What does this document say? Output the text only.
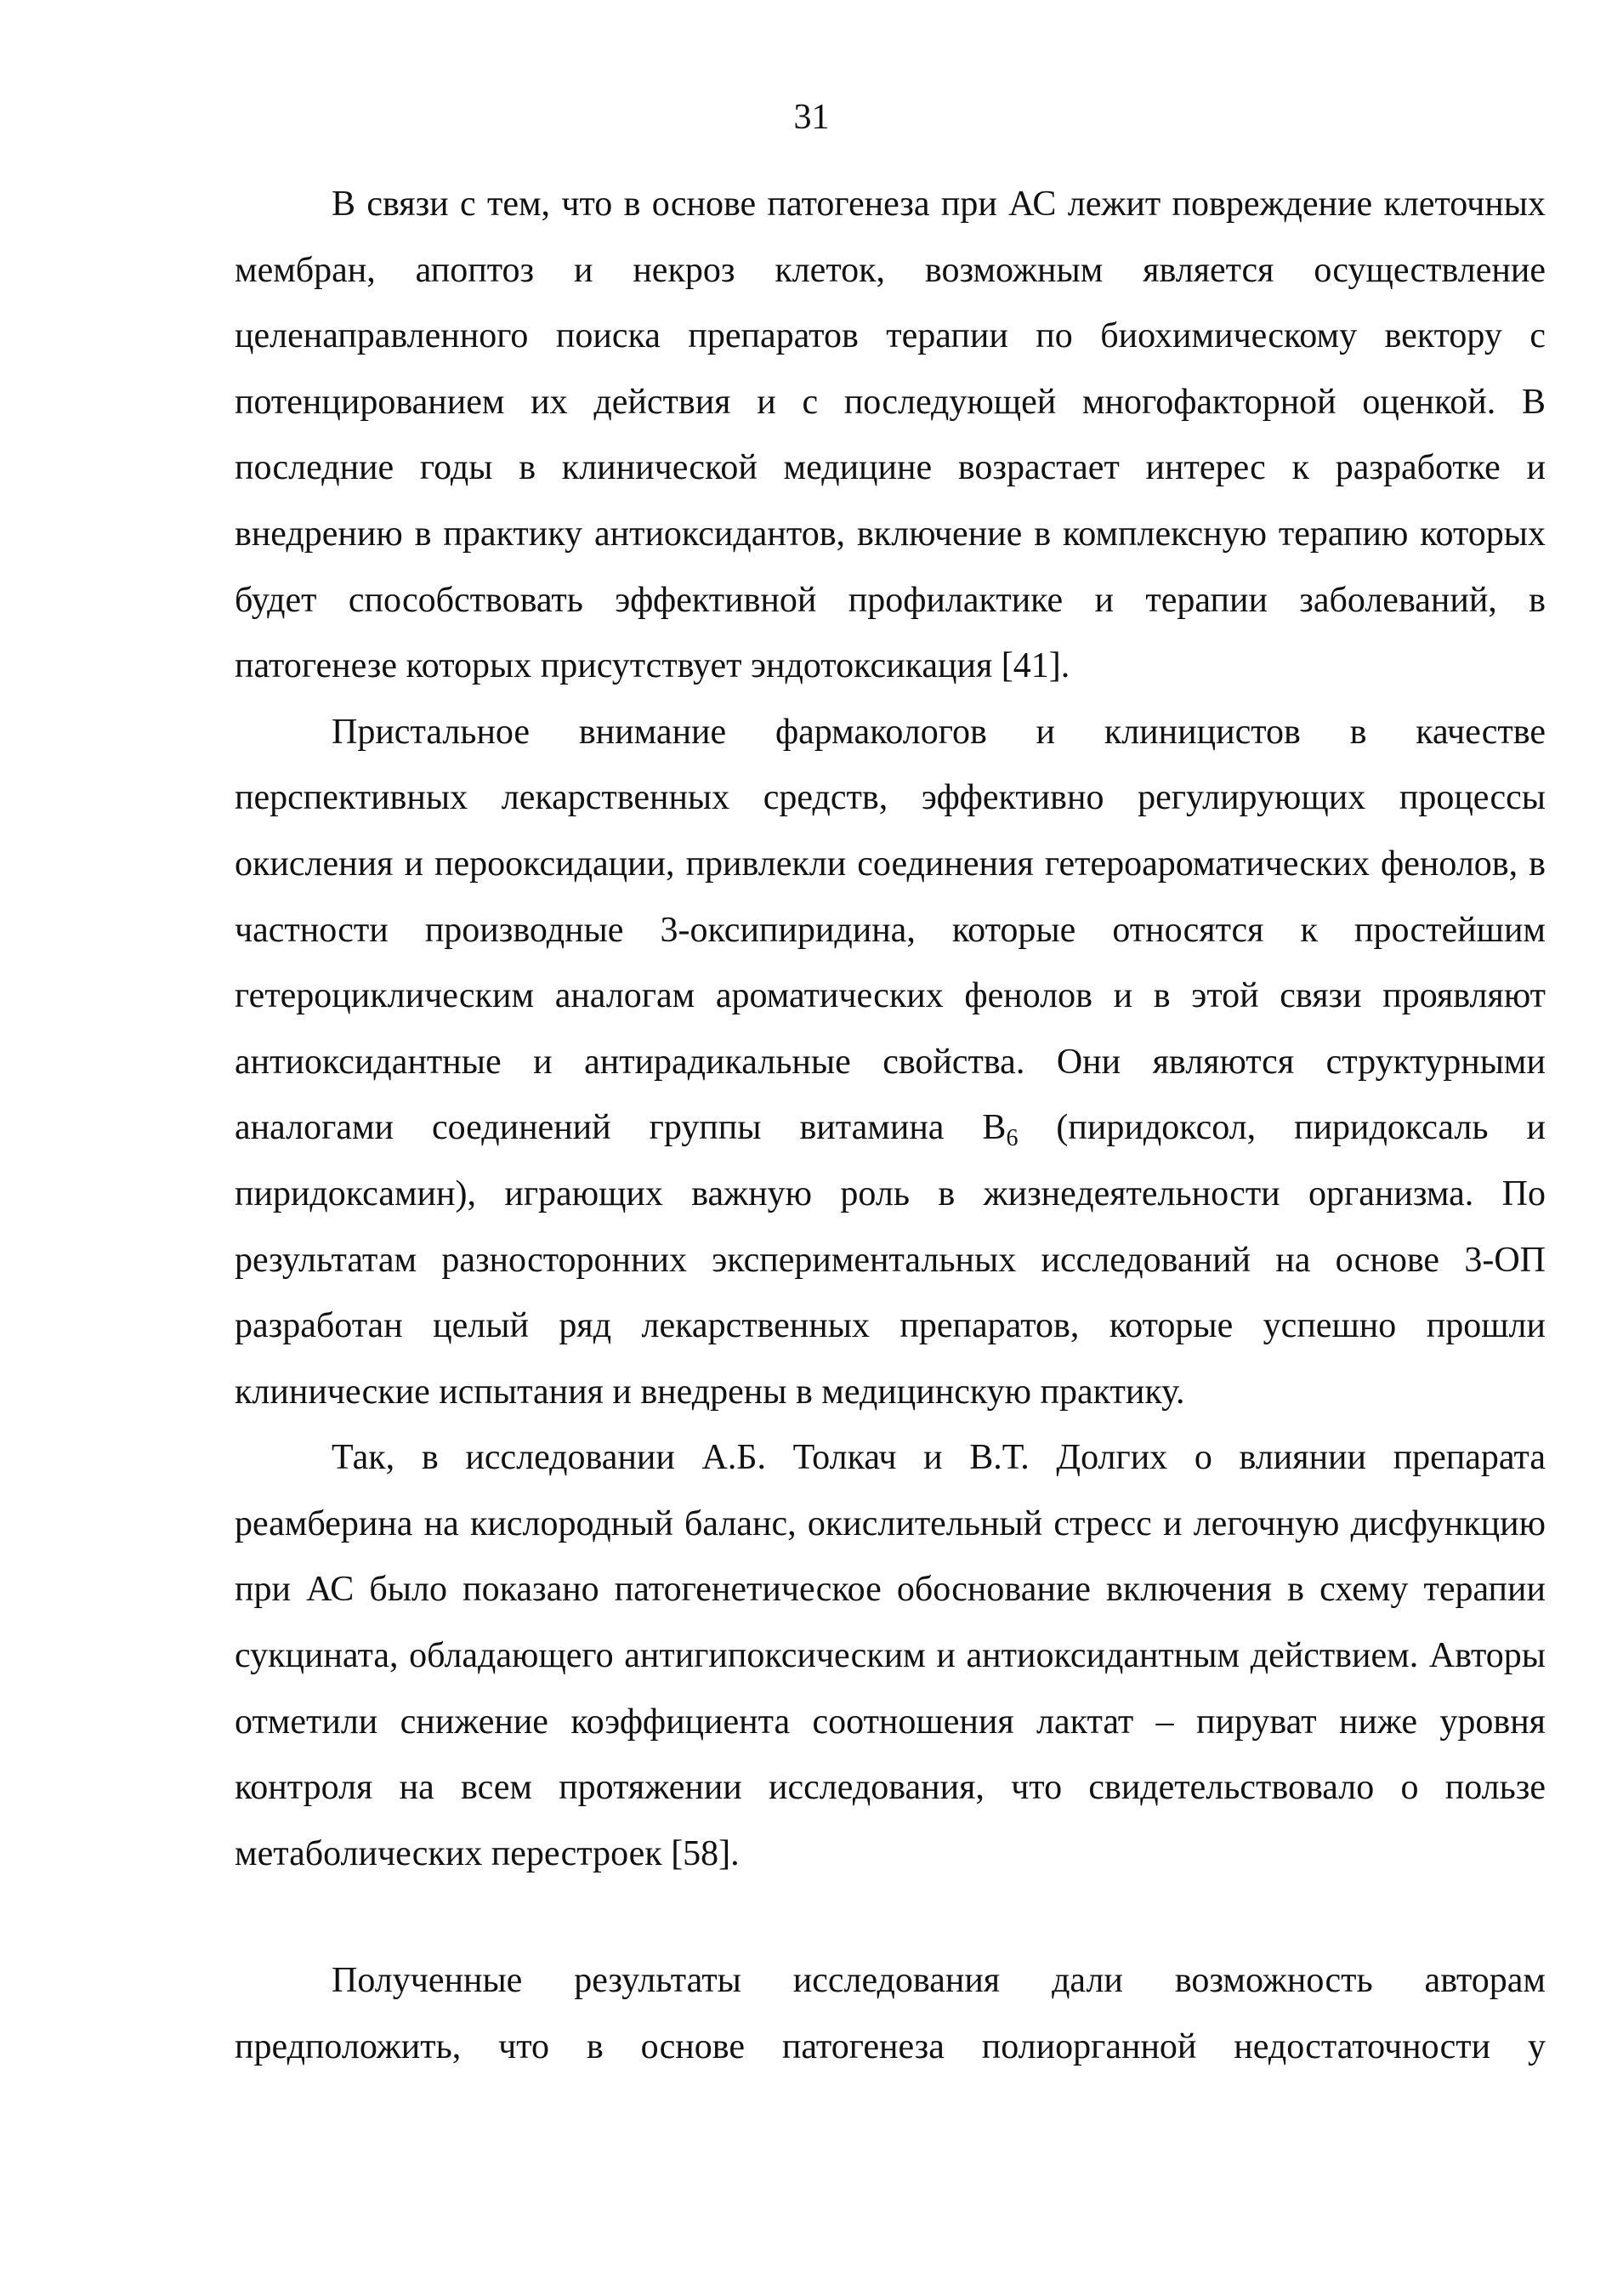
31

В связи с тем, что в основе патогенеза при АС лежит повреждение клеточных мембран, апоптоз и некроз клеток, возможным является осуществление целенаправленного поиска препаратов терапии по биохимическому вектору с потенцированием их действия и с последующей многофакторной оценкой. В последние годы в клинической медицине возрастает интерес к разработке и внедрению в практику антиоксидантов, включение в комплексную терапию которых будет способствовать эффективной профилактике и терапии заболеваний, в патогенезе которых присутствует эндотоксикация [41].

Пристальное внимание фармакологов и клиницистов в качестве перспективных лекарственных средств, эффективно регулирующих процессы окисления и перооксидации, привлекли соединения гетероароматических фенолов, в частности производные 3-оксипиридина, которые относятся к простейшим гетероциклическим аналогам ароматических фенолов и в этой связи проявляют антиоксидантные и антирадикальные свойства. Они являются структурными аналогами соединений группы витамина $В_6$ (пиридоксол, пиридоксаль и пиридоксамин), играющих важную роль в жизнедеятельности организма. По результатам разносторонних экспериментальных исследований на основе 3-ОП разработан целый ряд лекарственных препаратов, которые успешно прошли клинические испытания и внедрены в медицинскую практику.

Так, в исследовании А.Б. Толкач и В.Т. Долгих о влиянии препарата реамберина на кислородный баланс, окислительный стресс и легочную дисфункцию при АС было показано патогенетическое обоснование включения в схему терапии сукцината, обладающего антигипоксическим и антиоксидантным действием. Авторы отметили снижение коэффициента соотношения лактат – пируват ниже уровня контроля на всем протяжении исследования, что свидетельствовало о пользе метаболических перестроек [58].

Полученные результаты исследования дали возможность авторам предположить, что в основе патогенеза полиорганной недостаточности у
